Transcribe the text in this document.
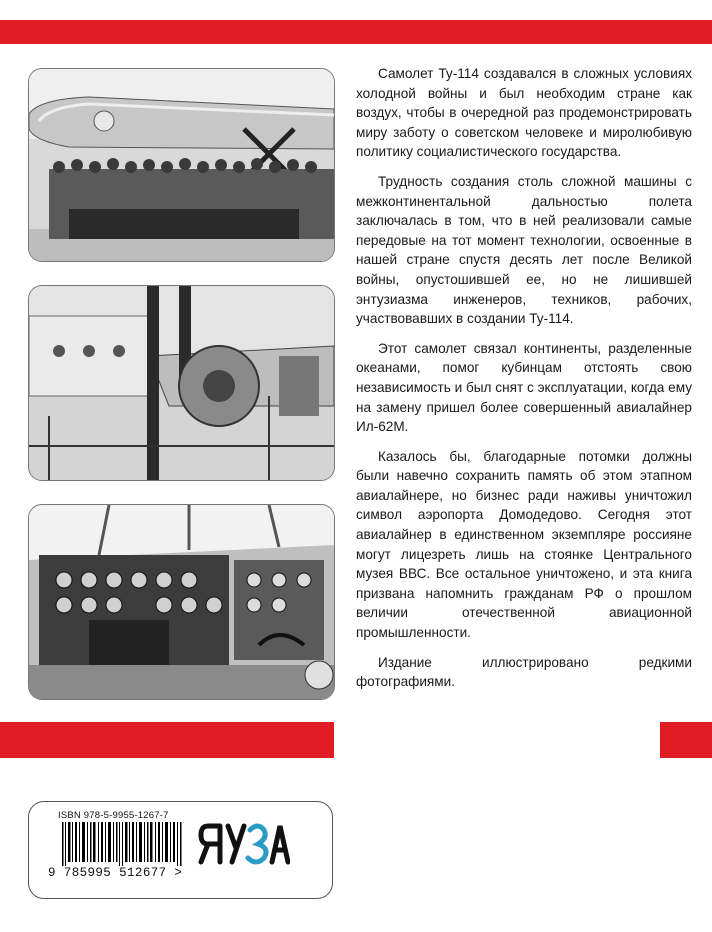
Самолет Ту-114 создавался в сложных условиях холодной войны и был необходим стране как воздух, чтобы в очередной раз продемонстрировать миру заботу о советском человеке и миролюбивую политику социалистического государства.

Трудность создания столь сложной машины с межконтинентальной дальностью полета заключалась в том, что в ней реализовали самые передовые на тот момент технологии, освоенные в нашей стране спустя десять лет после Великой войны, опустошившей ее, но не лишившей энтузиазма инженеров, техников, рабочих, участвовавших в создании Ту-114.

Этот самолет связал континенты, разделенные океанами, помог кубинцам отстоять свою независимость и был снят с эксплуатации, когда ему на замену пришел более совершенный авиалайнер Ил-62М.

Казалось бы, благодарные потомки должны были навечно сохранить память об этом этапном авиалайнере, но бизнес ради наживы уничтожил символ аэропорта Домодедово. Сегодня этот авиалайнер в единственном экземпляре россияне могут лицезреть лишь на стоянке Центрального музея ВВС. Все остальное уничтожено, и эта книга призвана напомнить гражданам РФ о прошлом величии отечественной авиационной промышленности.

Издание иллюстрировано редкими фотографиями.

ISBN 978-5-9955-1267-7
9 785995 512677 >
